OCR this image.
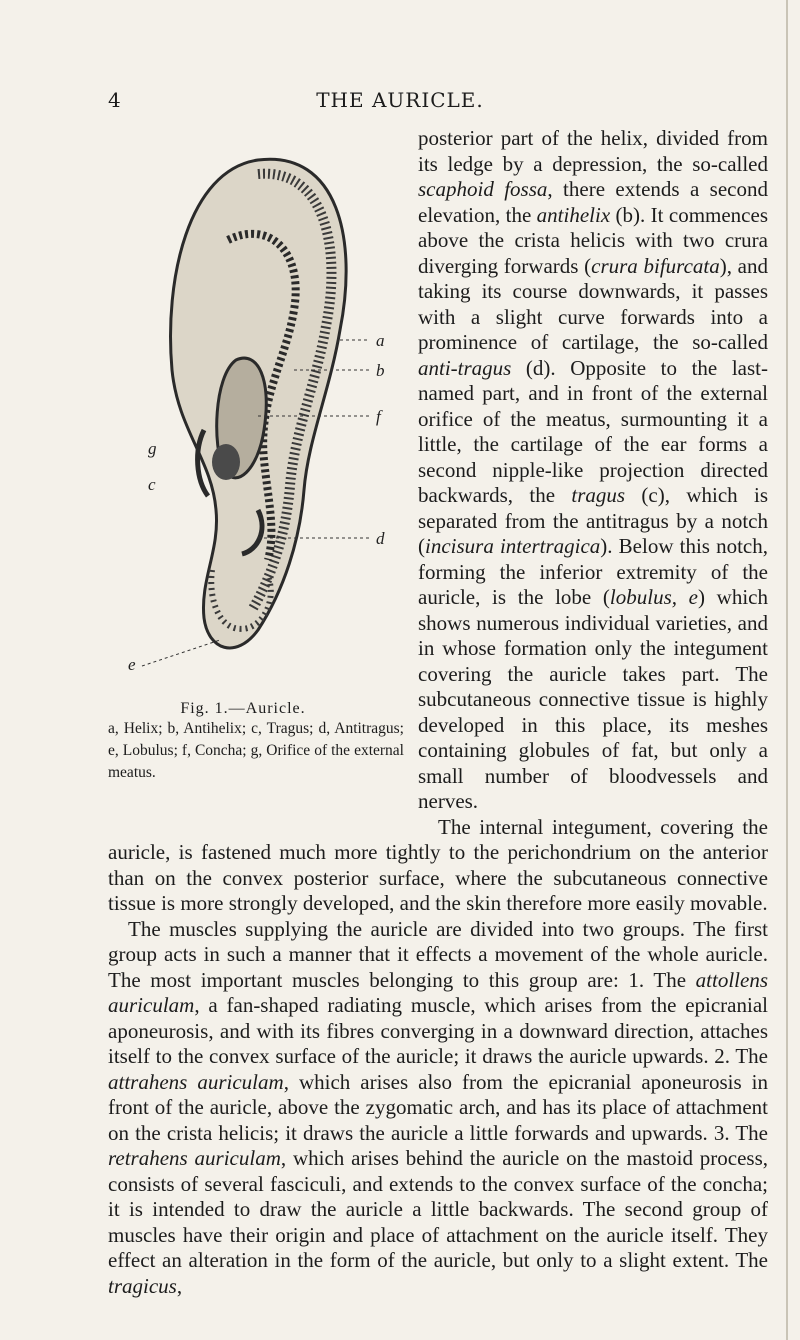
4	THE AURICLE.
a
b
f
d
g
c
e
Fig. 1.—Auricle.
a, Helix; b, Antihelix; c, Tragus; d, Antitragus; e, Lobulus; f, Concha; g, Orifice of the external meatus.

posterior part of the helix, divided from its ledge by a depression, the so-called scaphoid fossa, there extends a second elevation, the antihelix (b). It commences above the crista helicis with two crura diverging forwards (crura bifurcata), and taking its course downwards, it passes with a slight curve forwards into a prominence of cartilage, the so-called anti-tragus (d). Opposite to the last-named part, and in front of the external orifice of the meatus, surmounting it a little, the cartilage of the ear forms a second nipple-like projection directed backwards, the tragus (c), which is separated from the antitragus by a notch (incisura intertragica). Below this notch, forming the inferior extremity of the auricle, is the lobe (lobulus, e) which shows numerous individual varieties, and in whose formation only the integument covering the auricle takes part. The subcutaneous connective tissue is highly developed in this place, its meshes containing globules of fat, but only a small number of bloodvessels and nerves.

The internal integument, covering the auricle, is fastened much more tightly to the perichondrium on the anterior than on the convex posterior surface, where the subcutaneous connective tissue is more strongly developed, and the skin therefore more easily movable.

The muscles supplying the auricle are divided into two groups. The first group acts in such a manner that it effects a movement of the whole auricle. The most important muscles belonging to this group are: 1. The attollens auriculam, a fan-shaped radiating muscle, which arises from the epicranial aponeurosis, and with its fibres converging in a downward direction, attaches itself to the convex surface of the auricle; it draws the auricle upwards. 2. The attrahens auriculam, which arises also from the epicranial aponeurosis in front of the auricle, above the zygomatic arch, and has its place of attachment on the crista helicis; it draws the auricle a little forwards and upwards. 3. The retrahens auriculam, which arises behind the auricle on the mastoid process, consists of several fasciculi, and extends to the convex surface of the concha; it is intended to draw the auricle a little backwards. The second group of muscles have their origin and place of attachment on the auricle itself. They effect an alteration in the form of the auricle, but only to a slight extent. The tragicus,
